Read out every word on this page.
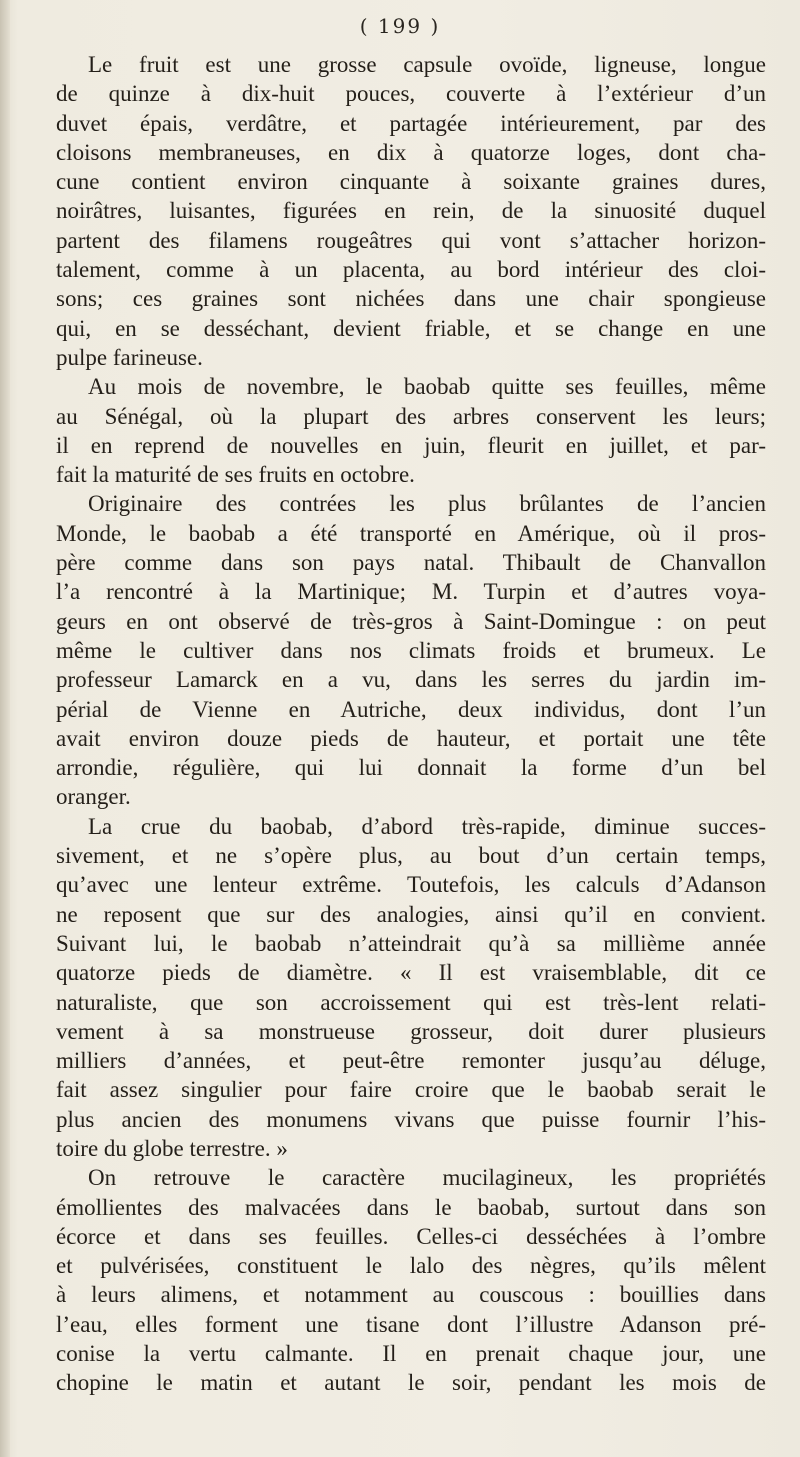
( 199 )

Le fruit est une grosse capsule ovoïde, ligneuse, longue
de quinze à dix-huit pouces, couverte à l’extérieur d’un
duvet épais, verdâtre, et partagée intérieurement, par des
cloisons membraneuses, en dix à quatorze loges, dont cha-
cune contient environ cinquante à soixante graines dures,
noirâtres, luisantes, figurées en rein, de la sinuosité duquel
partent des filamens rougeâtres qui vont s’attacher horizon-
talement, comme à un placenta, au bord intérieur des cloi-
sons; ces graines sont nichées dans une chair spongieuse
qui, en se desséchant, devient friable, et se change en une
pulpe farineuse.

Au mois de novembre, le baobab quitte ses feuilles, même
au Sénégal, où la plupart des arbres conservent les leurs;
il en reprend de nouvelles en juin, fleurit en juillet, et par-
fait la maturité de ses fruits en octobre.

Originaire des contrées les plus brûlantes de l’ancien
Monde, le baobab a été transporté en Amérique, où il pros-
père comme dans son pays natal. Thibault de Chanvallon
l’a rencontré à la Martinique; M. Turpin et d’autres voya-
geurs en ont observé de très-gros à Saint-Domingue : on peut
même le cultiver dans nos climats froids et brumeux. Le
professeur Lamarck en a vu, dans les serres du jardin im-
périal de Vienne en Autriche, deux individus, dont l’un
avait environ douze pieds de hauteur, et portait une tête
arrondie, régulière, qui lui donnait la forme d’un bel
oranger.

La crue du baobab, d’abord très-rapide, diminue succes-
sivement, et ne s’opère plus, au bout d’un certain temps,
qu’avec une lenteur extrême. Toutefois, les calculs d’Adanson
ne reposent que sur des analogies, ainsi qu’il en convient.
Suivant lui, le baobab n’atteindrait qu’à sa millième année
quatorze pieds de diamètre. « Il est vraisemblable, dit ce
naturaliste, que son accroissement qui est très-lent relati-
vement à sa monstrueuse grosseur, doit durer plusieurs
milliers d’années, et peut-être remonter jusqu’au déluge,
fait assez singulier pour faire croire que le baobab serait le
plus ancien des monumens vivans que puisse fournir l’his-
toire du globe terrestre. »

On retrouve le caractère mucilagineux, les propriétés
émollientes des malvacées dans le baobab, surtout dans son
écorce et dans ses feuilles. Celles-ci desséchées à l’ombre
et pulvérisées, constituent le lalo des nègres, qu’ils mêlent
à leurs alimens, et notamment au couscous : bouillies dans
l’eau, elles forment une tisane dont l’illustre Adanson pré-
conise la vertu calmante. Il en prenait chaque jour, une
chopine le matin et autant le soir, pendant les mois de
